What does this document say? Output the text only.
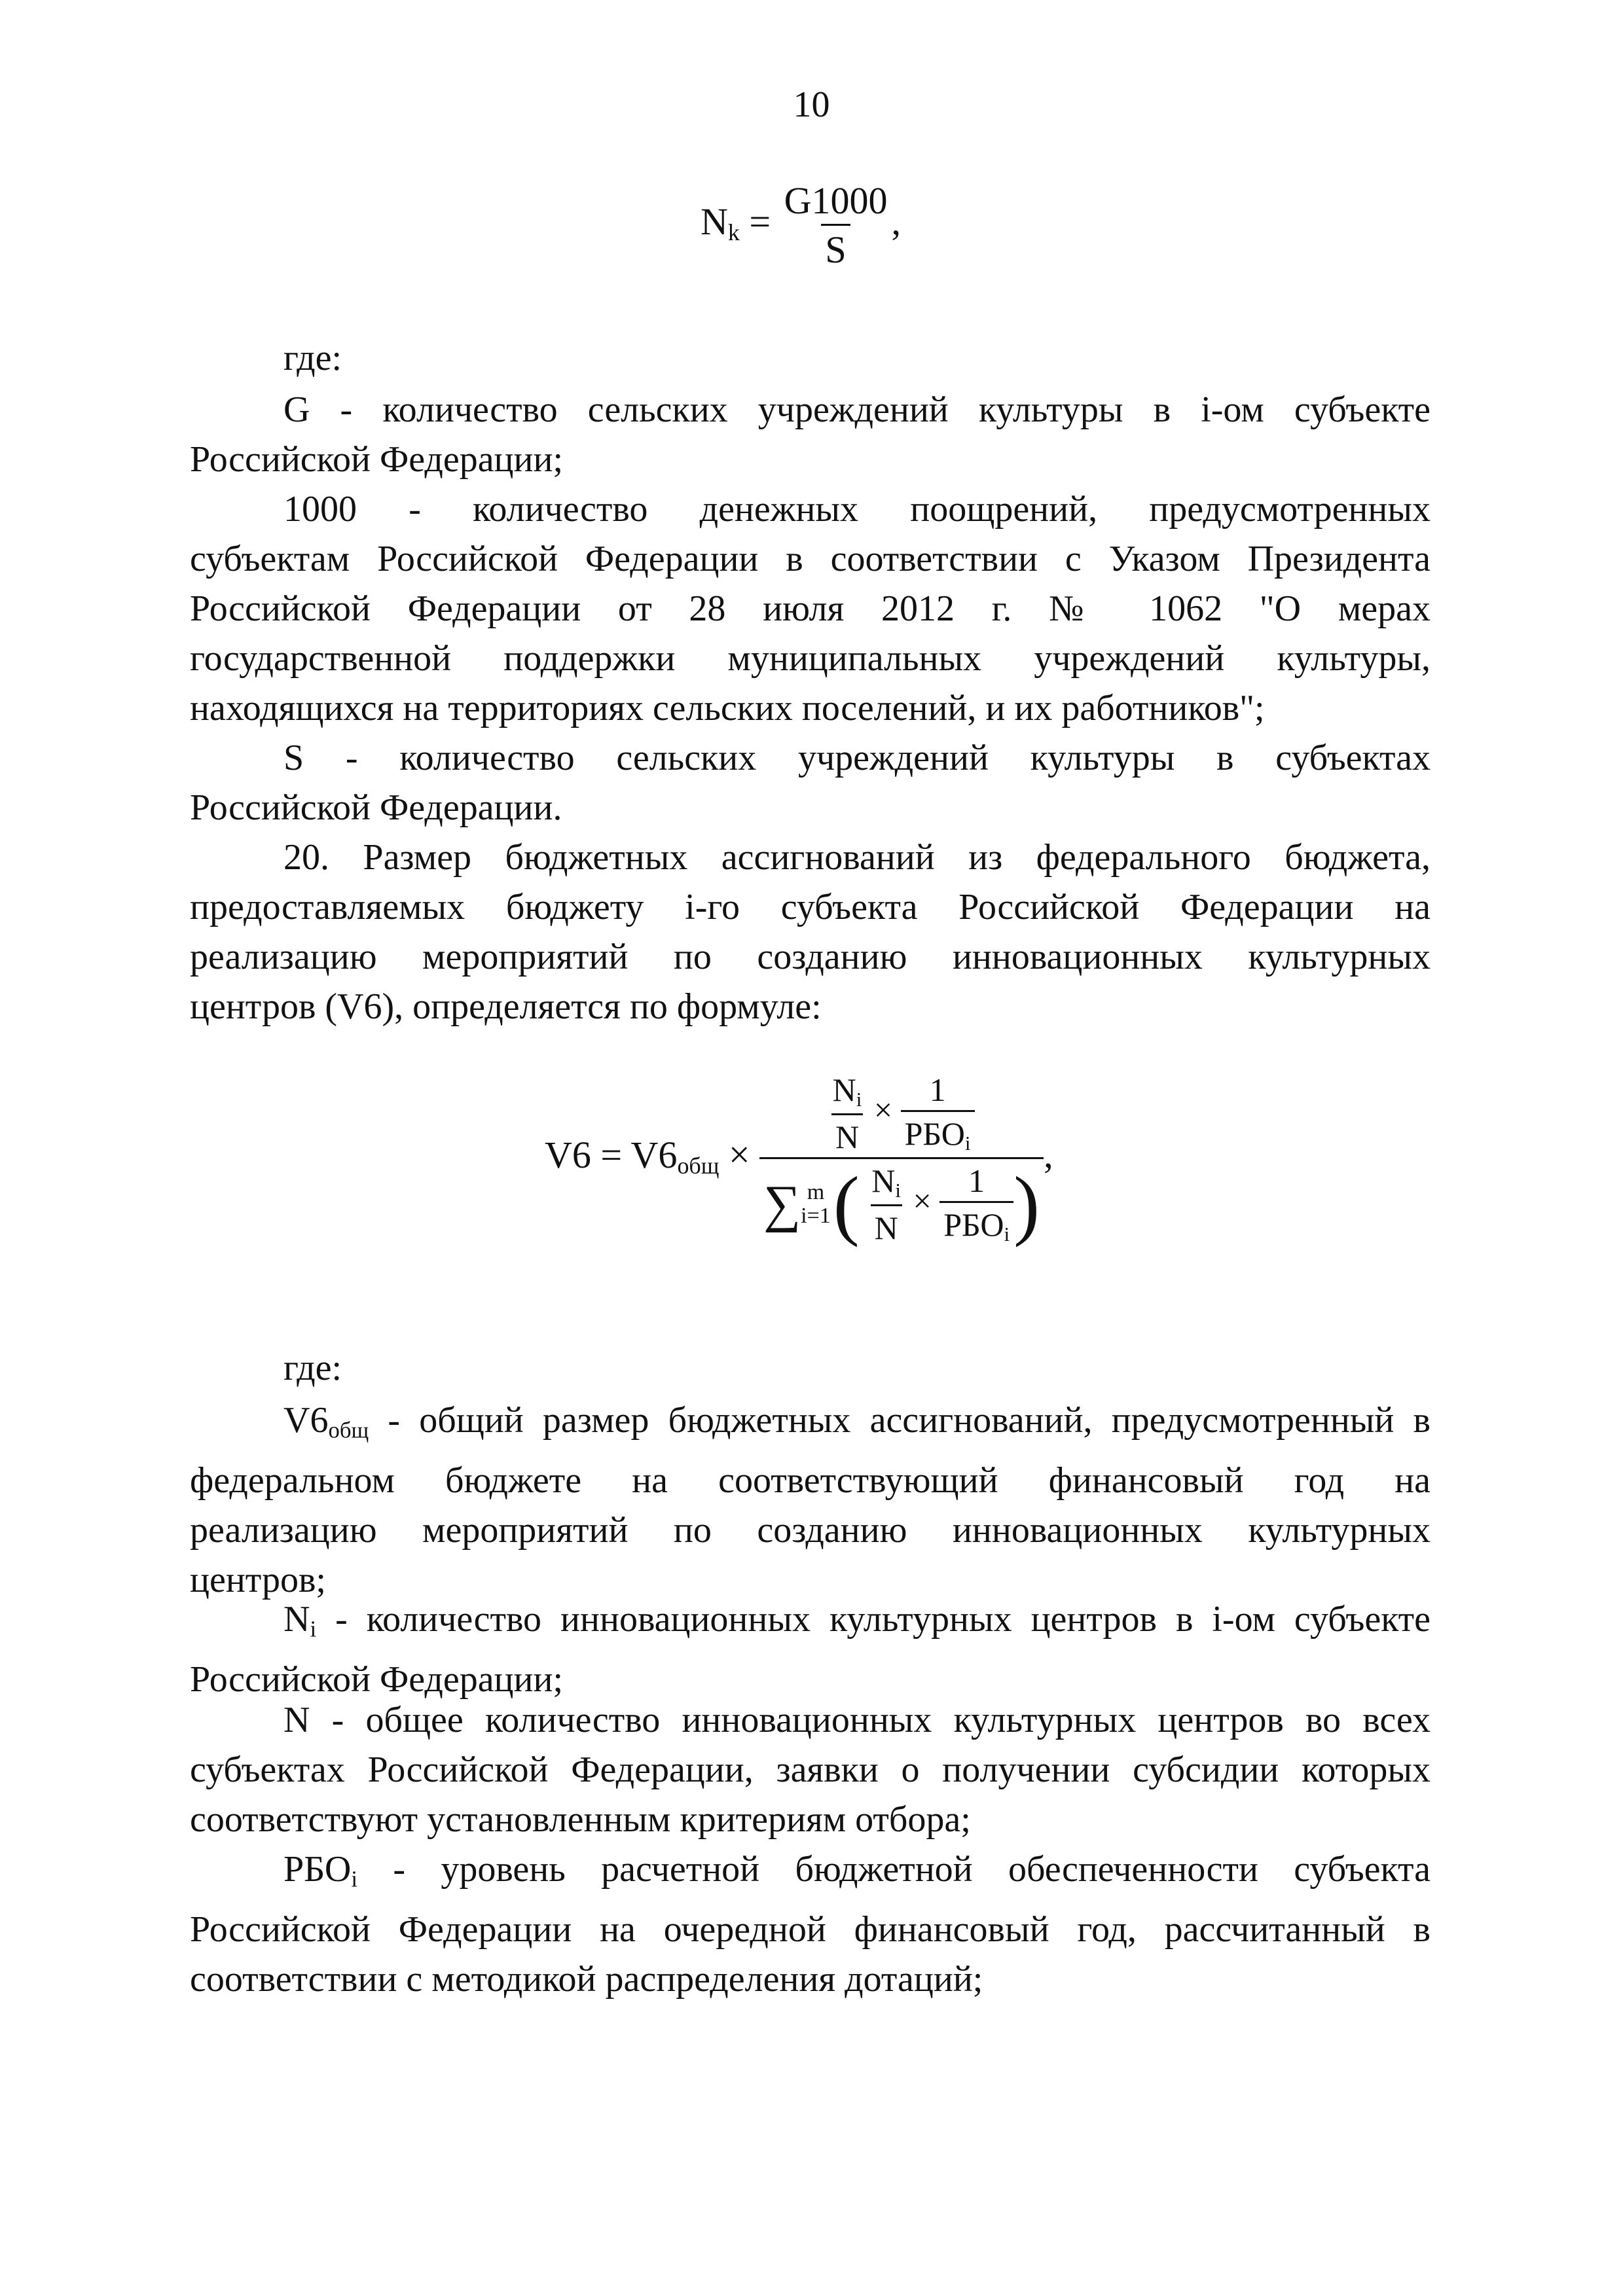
10
$N_k = \frac{G1000}{S}$ ,
где:
G - количество сельских учреждений культуры в i-ом субъекте
Российской Федерации;
1000 - количество денежных поощрений, предусмотренных
субъектам Российской Федерации в соответствии с Указом Президента
Российской Федерации от 28 июля 2012 г. № 1062 "О мерах
государственной поддержки муниципальных учреждений культуры,
находящихся на территориях сельских поселений, и их работников";
S - количество сельских учреждений культуры в субъектах
Российской Федерации.
20. Размер бюджетных ассигнований из федерального бюджета,
предоставляемых бюджету i-го субъекта Российской Федерации на
реализацию мероприятий по созданию инновационных культурных
центров (V6), определяется по формуле:
$V6 = V6_{общ} \times \frac{N_i}{N} \times \frac{1}{РБО_i}$
∑ m
i=1 ( $\frac{N_i}{N} \times \frac{1}{РБО_i}$ ) ,
где:
$V6_{общ}$ - общий размер бюджетных ассигнований, предусмотренный в
федеральном бюджете на соответствующий финансовый год на
реализацию мероприятий по созданию инновационных культурных
центров;
$N_i$ - количество инновационных культурных центров в i-ом субъекте
Российской Федерации;
N - общее количество инновационных культурных центров во всех
субъектах Российской Федерации, заявки о получении субсидии которых
соответствуют установленным критериям отбора;
$РБО_i$ - уровень расчетной бюджетной обеспеченности субъекта
Российской Федерации на очередной финансовый год, рассчитанный в
соответствии с методикой распределения дотаций;
